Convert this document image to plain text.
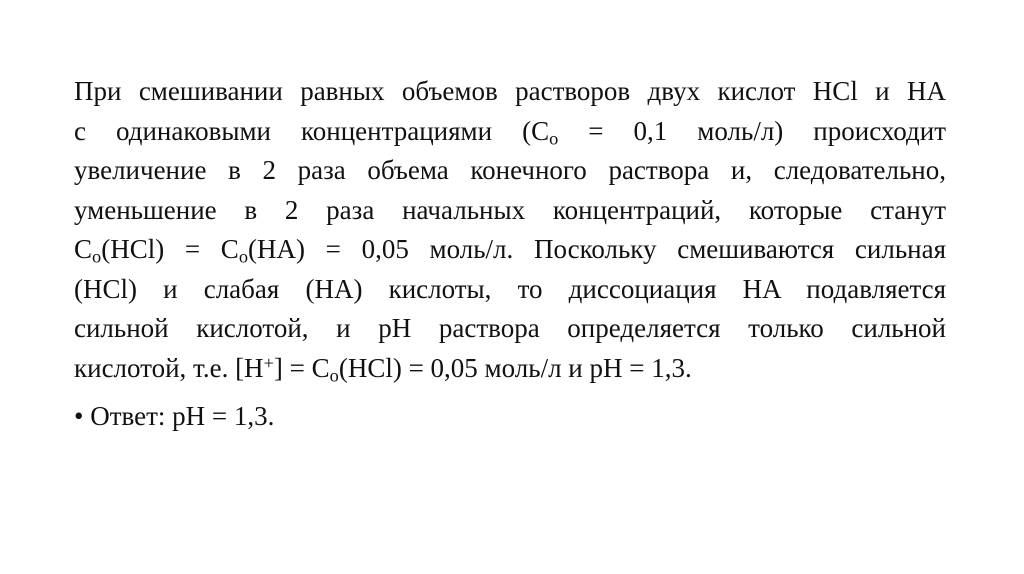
При смешивании равных объемов растворов двух кислот HCl и HA
с одинаковыми концентрациями ($C_o = 0,1$ моль/л) происходит
увеличение в 2 раза объема конечного раствора и, следовательно,
уменьшение в 2 раза начальных концентраций, которые станут
$C_o(HCl) = C_o(HA) = 0,05$ моль/л. Поскольку смешиваются сильная
(HCl) и слабая (HA) кислоты, то диссоциация HA подавляется
сильной кислотой, и pH раствора определяется только сильной
кислотой, т.е. $[H^+] = C_o(HCl) = 0,05$ моль/л и pH = 1,3.

• Ответ: pH = 1,3.
